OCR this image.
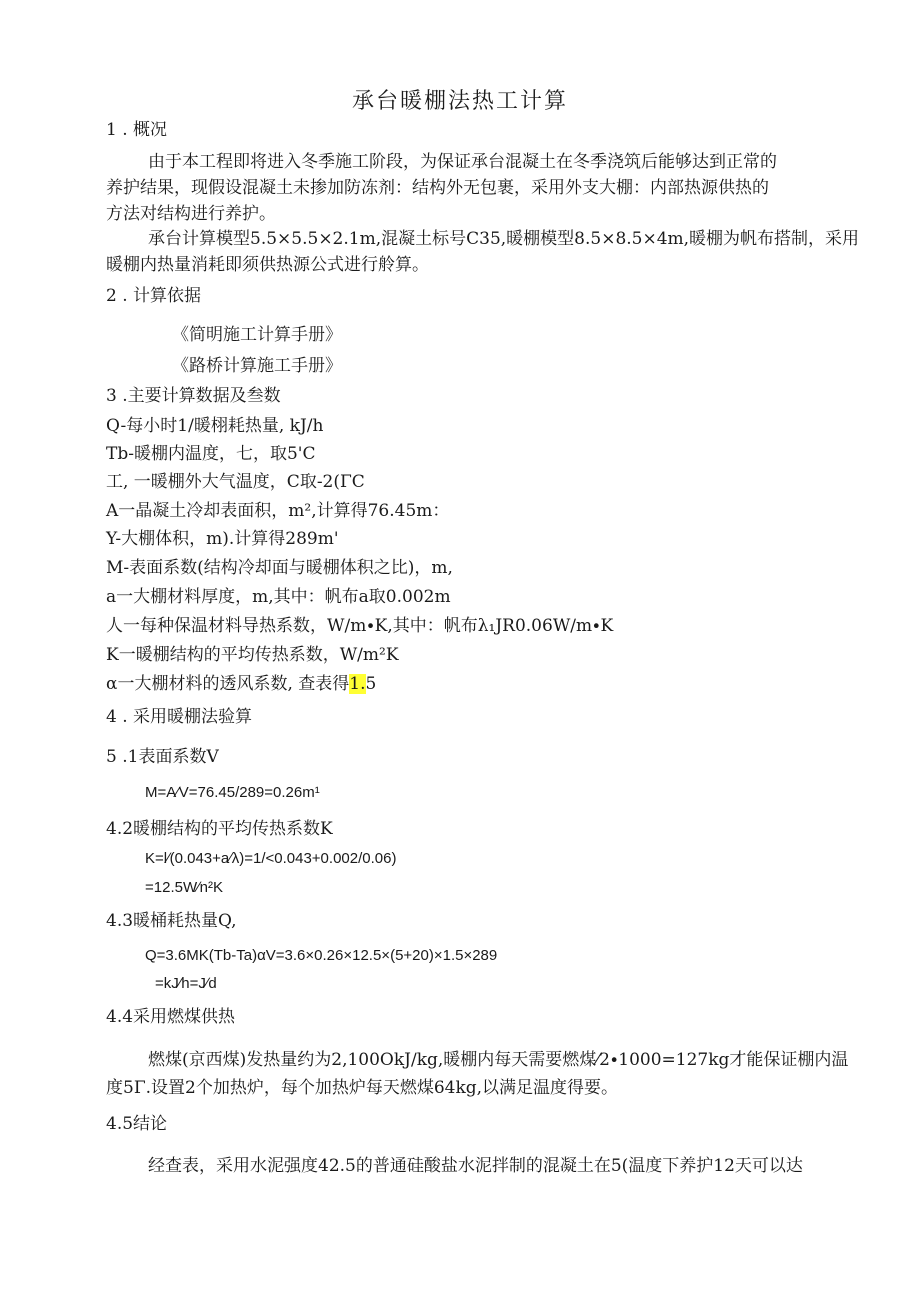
承台暖棚法热工计算
1 . 概况
由于本工程即将进入冬季施工阶段，为保证承台混凝土在冬季浇筑后能够达到正常的
养护结果，现假设混凝土未掺加防冻剂：结构外无包裹，采用外支大棚：内部热源供热的
方法对结构进行养护。
承台计算模型5.5×5.5×2.1m,混凝土标号C35,暖棚模型8.5×8.5×4m,暖棚为帆布搭制，采用
暖棚内热量消耗即须供热源公式进行舲算。
2 . 计算依据
《简明施工计算手册》
《路桥计算施工手册》
3 .主要计算数据及叁数
Q-每小时1/暖栩耗热量, kJ/h
Tb-暖棚内温度，七，取5'C
工, 一暖棚外大气温度，C取-2(ΓC
A一晶凝土冷却表面积，m²,计算得76.45m：
Y-大棚体积，m).计算得289m'
M-表面系数(结构冷却面与暖棚体积之比)，m,
a一大棚材料厚度，m,其中：帆布a取0.002m
人一每种保温材料导热系数，W∕m∙K,其中：帆布λ₁JR0.06W∕m∙K
K一暖棚结构的平均传热系数，W∕m²K
α一大棚材料的透风系数, 查表得1.5
4 . 采用暖棚法验算
5 .1表面系数V
M=A∕V=76.45/289=0.26m¹
4.2暖棚结构的平均传热系数K
K=l∕(0.043+a∕λ)=1/<0.043+0.002/0.06)
=12.5W∕n²K
4.3暖桶耗热量Q,
Q=3.6MK(Tb-Ta)αV=3.6×0.26×12.5×(5+20)×1.5×289
=kJ∕h=J∕d
4.4采用燃煤供热
燃煤(京西煤)发热量约为2,100OkJ∕kg,暖棚内每天需要燃煤⁄2∙1000=127kg才能保证棚内温
度5Γ.设置2个加热炉，每个加热炉每天燃煤64kg,以满足温度得要。
4.5结论
经查表，采用水泥强度42.5的普通硅酸盐水泥拌制的混凝土在5(温度下养护12天可以达
